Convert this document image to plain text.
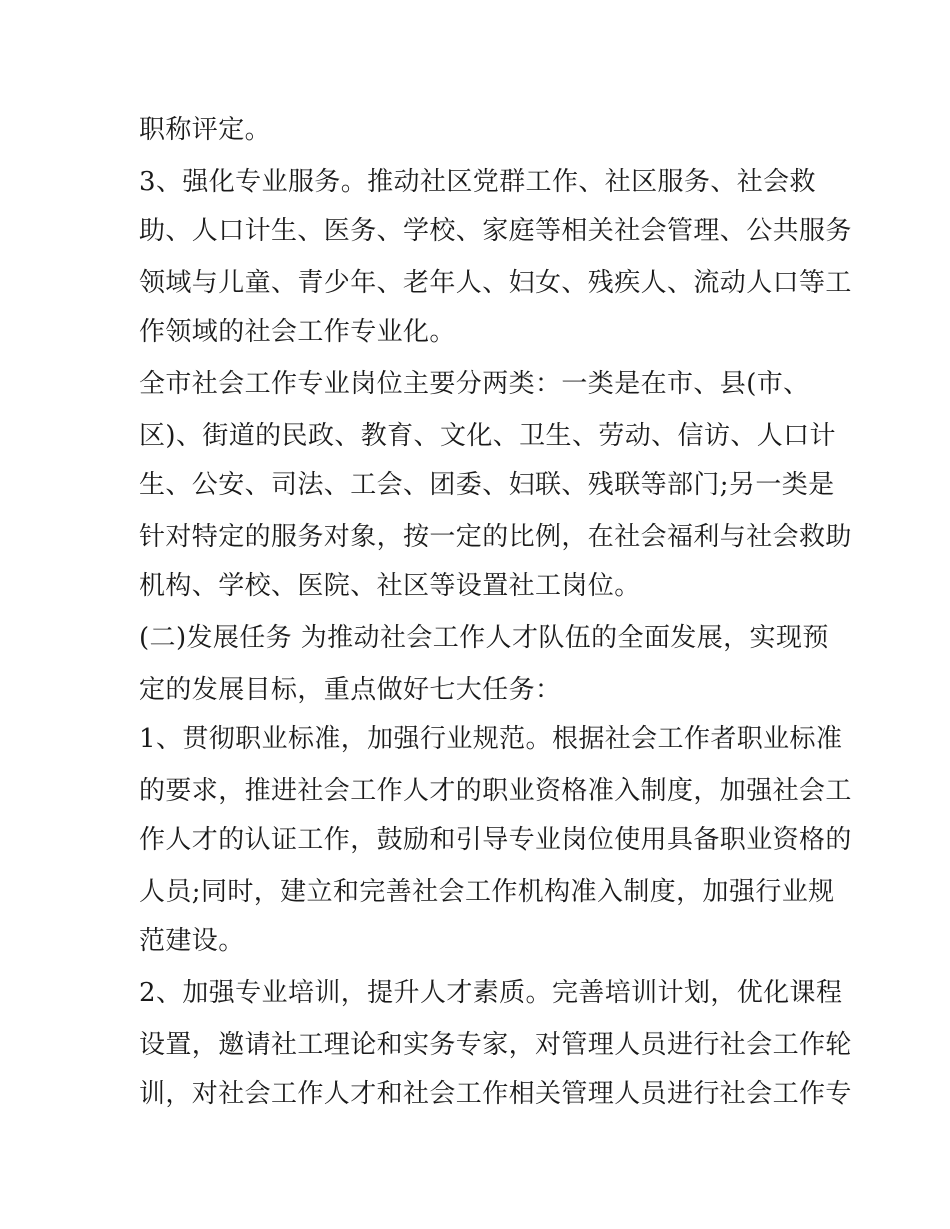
职称评定。
3、强化专业服务。推动社区党群工作、社区服务、社会救
助、人口计生、医务、学校、家庭等相关社会管理、公共服务
领域与儿童、青少年、老年人、妇女、残疾人、流动人口等工
作领域的社会工作专业化。
全市社会工作专业岗位主要分两类：一类是在市、县(市、
区)、街道的民政、教育、文化、卫生、劳动、信访、人口计
生、公安、司法、工会、团委、妇联、残联等部门;另一类是
针对特定的服务对象，按一定的比例，在社会福利与社会救助
机构、学校、医院、社区等设置社工岗位。
(二)发展任务 为推动社会工作人才队伍的全面发展，实现预
定的发展目标，重点做好七大任务：
1、贯彻职业标准，加强行业规范。根据社会工作者职业标准
的要求，推进社会工作人才的职业资格准入制度，加强社会工
作人才的认证工作，鼓励和引导专业岗位使用具备职业资格的
人员;同时，建立和完善社会工作机构准入制度，加强行业规
范建设。
2、加强专业培训，提升人才素质。完善培训计划，优化课程
设置，邀请社工理论和实务专家，对管理人员进行社会工作轮
训，对社会工作人才和社会工作相关管理人员进行社会工作专
